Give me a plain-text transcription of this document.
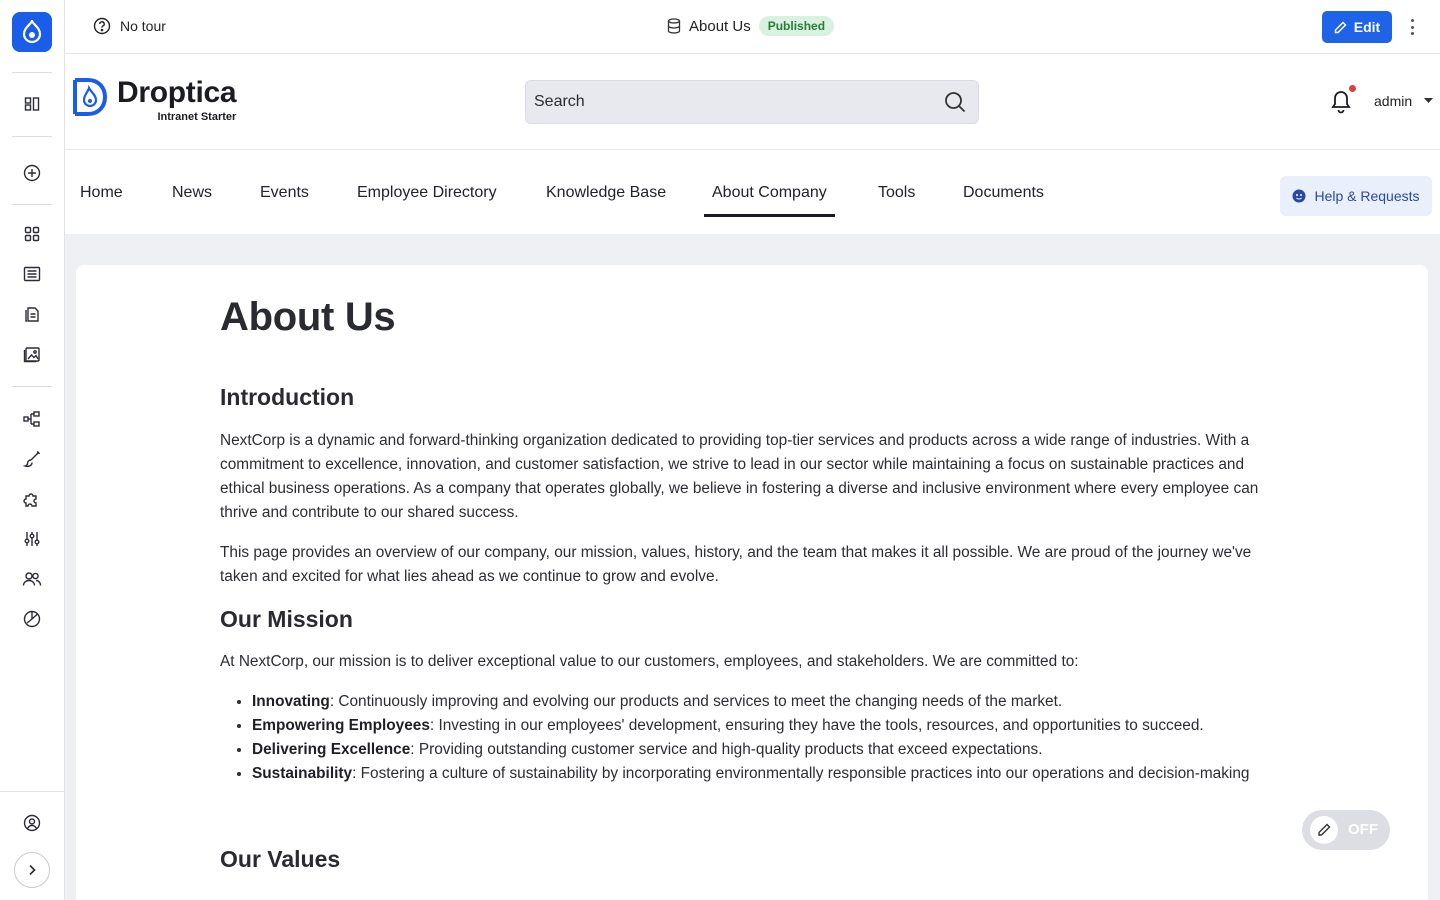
No tour	About Us	Published	Edit
Droptica
Intranet Starter
Search
admin
Home	News	Events	Employee Directory	Knowledge Base	About Company	Tools	Documents	Help & Requests
About Us
Introduction

NextCorp is a dynamic and forward-thinking organization dedicated to providing top-tier services and products across a wide range of industries. With a commitment to excellence, innovation, and customer satisfaction, we strive to lead in our sector while maintaining a focus on sustainable practices and ethical business operations. As a company that operates globally, we believe in fostering a diverse and inclusive environment where every employee can thrive and contribute to our shared success.

This page provides an overview of our company, our mission, values, history, and the team that makes it all possible. We are proud of the journey we've taken and excited for what lies ahead as we continue to grow and evolve.

Our Mission

At NextCorp, our mission is to deliver exceptional value to our customers, employees, and stakeholders. We are committed to:

• Innovating: Continuously improving and evolving our products and services to meet the changing needs of the market.
• Empowering Employees: Investing in our employees' development, ensuring they have the tools, resources, and opportunities to succeed.
• Delivering Excellence: Providing outstanding customer service and high-quality products that exceed expectations.
• Sustainability: Fostering a culture of sustainability by incorporating environmentally responsible practices into our operations and decision-making
Our Values
OFF
